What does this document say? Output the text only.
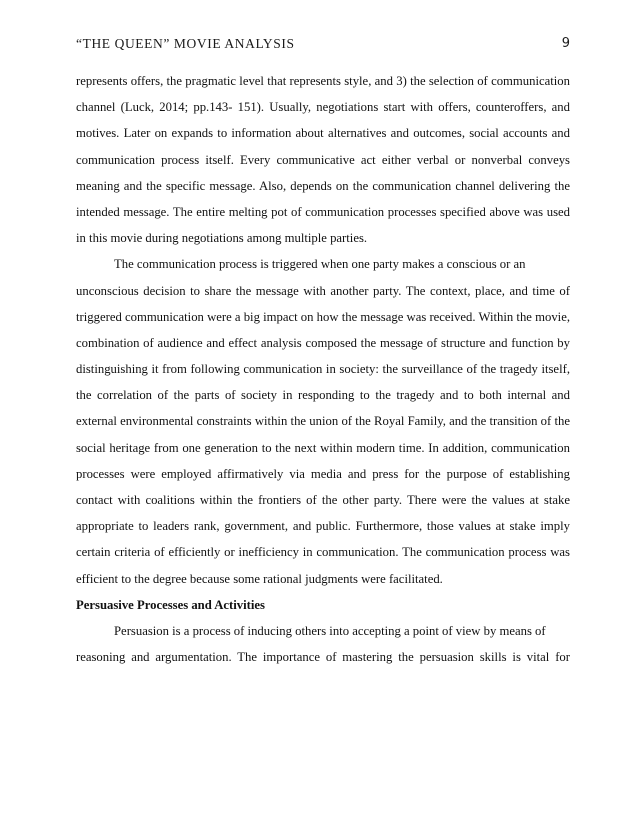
“THE QUEEN” MOVIE ANALYSIS	9
represents offers, the pragmatic level that represents style, and 3) the selection of communication
channel (Luck, 2014; pp.143- 151). Usually, negotiations start with offers, counteroffers, and
motives. Later on expands to information about alternatives and outcomes, social accounts and
communication process itself. Every communicative act either verbal or nonverbal conveys
meaning and the specific message. Also, depends on the communication channel delivering the
intended message. The entire melting pot of communication processes specified above was used
in this movie during negotiations among multiple parties.
The communication process is triggered when one party makes a conscious or an
unconscious decision to share the message with another party. The context, place, and time of
triggered communication were a big impact on how the message was received. Within the movie,
combination of audience and effect analysis composed the message of structure and function by
distinguishing it from following communication in society: the surveillance of the tragedy itself,
the correlation of the parts of society in responding to the tragedy and to both internal and
external environmental constraints within the union of the Royal Family, and the transition of the
social heritage from one generation to the next within modern time. In addition, communication
processes were employed affirmatively via media and press for the purpose of establishing
contact with coalitions within the frontiers of the other party. There were the values at stake
appropriate to leaders rank, government, and public. Furthermore, those values at stake imply
certain criteria of efficiently or inefficiency in communication. The communication process was
efficient to the degree because some rational judgments were facilitated.
Persuasive Processes and Activities
Persuasion is a process of inducing others into accepting a point of view by means of
reasoning and argumentation. The importance of mastering the persuasion skills is vital for
